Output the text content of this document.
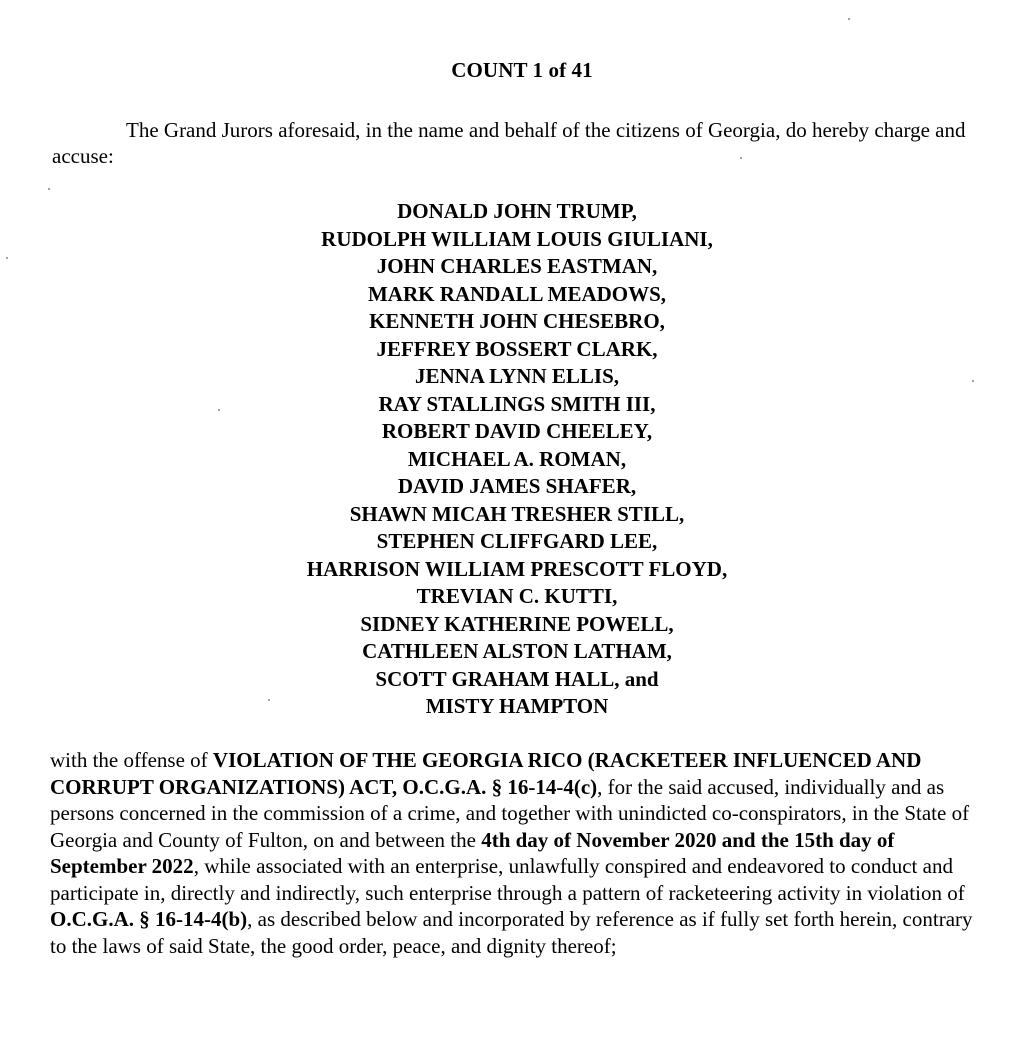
COUNT 1 of 41

The Grand Jurors aforesaid, in the name and behalf of the citizens of Georgia, do hereby charge and accuse:

DONALD JOHN TRUMP,
RUDOLPH WILLIAM LOUIS GIULIANI,
JOHN CHARLES EASTMAN,
MARK RANDALL MEADOWS,
KENNETH JOHN CHESEBRO,
JEFFREY BOSSERT CLARK,
JENNA LYNN ELLIS,
RAY STALLINGS SMITH III,
ROBERT DAVID CHEELEY,
MICHAEL A. ROMAN,
DAVID JAMES SHAFER,
SHAWN MICAH TRESHER STILL,
STEPHEN CLIFFGARD LEE,
HARRISON WILLIAM PRESCOTT FLOYD,
TREVIAN C. KUTTI,
SIDNEY KATHERINE POWELL,
CATHLEEN ALSTON LATHAM,
SCOTT GRAHAM HALL, and
MISTY HAMPTON

with the offense of VIOLATION OF THE GEORGIA RICO (RACKETEER INFLUENCED AND CORRUPT ORGANIZATIONS) ACT, O.C.G.A. § 16-14-4(c), for the said accused, individually and as persons concerned in the commission of a crime, and together with unindicted co-conspirators, in the State of Georgia and County of Fulton, on and between the 4th day of November 2020 and the 15th day of September 2022, while associated with an enterprise, unlawfully conspired and endeavored to conduct and participate in, directly and indirectly, such enterprise through a pattern of racketeering activity in violation of O.C.G.A. § 16-14-4(b), as described below and incorporated by reference as if fully set forth herein, contrary to the laws of said State, the good order, peace, and dignity thereof;
